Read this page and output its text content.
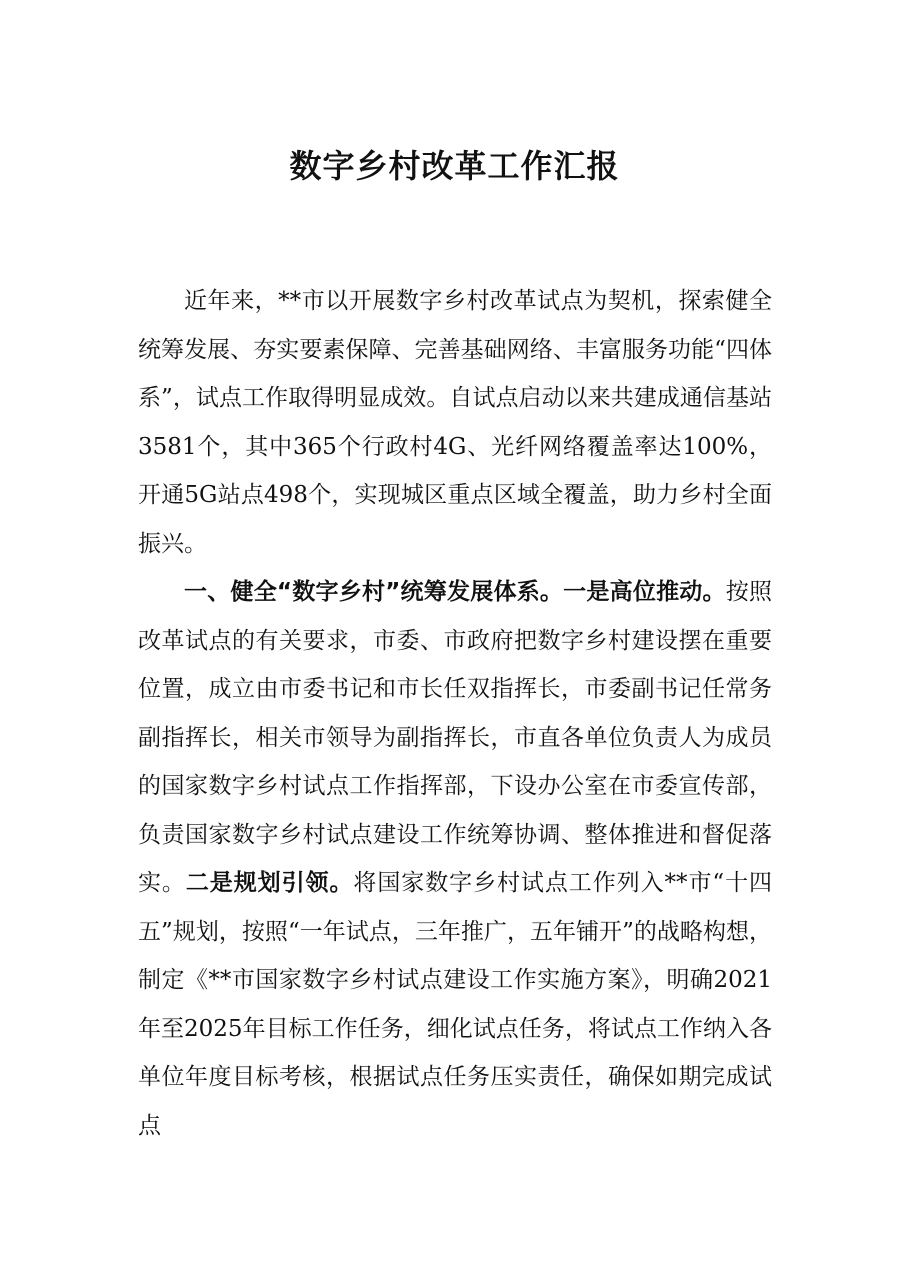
数字乡村改革工作汇报

近年来，**市以开展数字乡村改革试点为契机，探索健全统筹发展、夯实要素保障、完善基础网络、丰富服务功能“四体系”，试点工作取得明显成效。自试点启动以来共建成通信基站3581个，其中365个行政村4G、光纤网络覆盖率达100%，开通5G站点498个，实现城区重点区域全覆盖，助力乡村全面振兴。

一、健全“数字乡村”统筹发展体系。一是高位推动。按照改革试点的有关要求，市委、市政府把数字乡村建设摆在重要位置，成立由市委书记和市长任双指挥长，市委副书记任常务副指挥长，相关市领导为副指挥长，市直各单位负责人为成员的国家数字乡村试点工作指挥部，下设办公室在市委宣传部，负责国家数字乡村试点建设工作统筹协调、整体推进和督促落实。二是规划引领。将国家数字乡村试点工作列入**市“十四五”规划，按照“一年试点，三年推广，五年铺开”的战略构想，制定《**市国家数字乡村试点建设工作实施方案》，明确2021年至2025年目标工作任务，细化试点任务，将试点工作纳入各单位年度目标考核，根据试点任务压实责任，确保如期完成试点
